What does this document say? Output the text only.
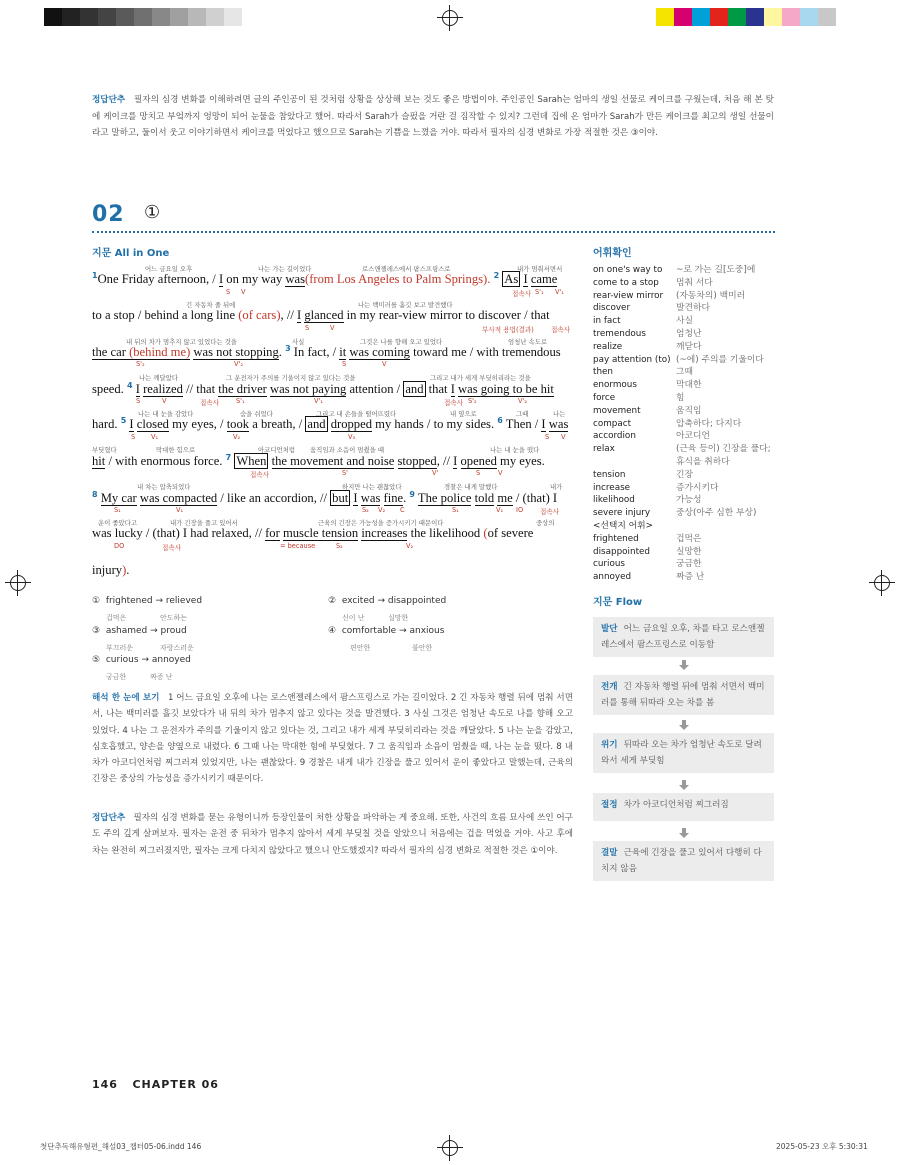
정답단추 필자의 심경 변화를 이해하려면 글의 주인공이 된 것처럼 상황을 상상해 보는 것도 좋은 방법이야. 주인공인 Sarah는 엄마의 생일 선물로 케이크를 구웠는데, 처음 해 본 탓에 케이크를 망치고 부엌까지 엉망이 되어 눈물을 참았다고 했어. 따라서 Sarah가 슬펐을 거란 걸 짐작할 수 있지? 그런데 집에 온 엄마가 Sarah가 만든 케이크를 최고의 생일 선물이라고 말하고, 둘이서 웃고 이야기하면서 케이크를 먹었다고 했으므로 Sarah는 기쁨을 느꼈을 거야. 따라서 필자의 심경 변화로 가장 적절한 것은 ③이야.
02 ①
지문 All in One
어느 금요일 오후	나는 가는 길이었다	로스앤젤레스에서 팜스프링스로	내가 멈춰서면서
$^1$One Friday afternoon, / I on my way was(from Los Angeles to Palm Springs). $^2$ As I came
S V	접속사 S'₁ V'₁
긴 자동차 줄 뒤에	나는 백미러를 흘깃 보고 발견했다
to a stop / behind a long line (of cars), // I glanced in my rear-view mirror to discover / that
S	V	부사적 용법(결과)	접속사
내 뒤의 차가 멈추지 않고 있었다는 것을	사실	그것은 나를 향해 오고 있었다	엄청난 속도로
the car (behind me) was not stopping. $^3$ In fact, / it was coming toward me / with tremendous
S'₂	V'₂	S	V
나는 깨달았다	그 운전자가 주의를 기울이지 않고 있다는 것을	그리고 내가 세게 부딪히리라는 것을
speed. $^4$ I realized // that the driver was not paying attention / and that I was going to be hit
S	V	접속사	S'₁	V'₁	접속사 S'₂	V'₂
나는 내 눈을 감았다	숨을 쉬었다	그리고 내 손들을 떨어뜨렸다	내 옆으로	그때	나는
hard. $^5$ I closed my eyes, / took a breath, / and dropped my hands / to my sides. $^6$ Then / I was
S V₁	V₂	V₃	S V
부딪혔다	막대한 힘으로	아코디언처럼 움직임과 소음이 멈췄을 때	나는 내 눈을 떴다
hit / with enormous force. $^7$ When the movement and noise stopped, // I opened my eyes.
접속사	S'	V'	S	V
내 차는 압축되었다	하지만 나는 괜찮았다	경찰은 내게 말했다	내가
$^8$ My car was compacted / like an accordion, // but I was fine. $^9$ The police told me / (that) I
S₁	V₁	S₂ V₂ C	S₁	V₁ IO	접속사
운이 좋았다고	내가 긴장을 풀고 있어서	근육의 긴장은 가능성을 증가시키기 때문이다	중상의
was lucky / (that) I had relaxed, // for muscle tension increases the likelihood (of severe
DO	접속사	= because	S₂	V₂
injury).
① frightened → relieved
겁먹은	안도하는
② excited → disappointed
신이 난	실망한
③ ashamed → proud
부끄러운	자랑스러운
④ comfortable → anxious
편안한	불안한
⑤ curious → annoyed
궁금한	짜증 난
해석 한 눈에 보기 1 어느 금요일 오후에 나는 로스앤젤레스에서 팜스프링스로 가는 길이었다. 2 긴 자동차 행렬 뒤에 멈춰 서면서, 나는 백미러를 흘깃 보았다가 내 뒤의 차가 멈추지 않고 있다는 것을 발견했다. 3 사실 그것은 엄청난 속도로 나를 향해 오고 있었다. 4 나는 그 운전자가 주의를 기울이지 않고 있다는 것, 그리고 내가 세게 부딪히리라는 것을 깨달았다. 5 나는 눈을 감았고, 심호흡했고, 양손을 양옆으로 내렸다. 6 그때 나는 막대한 힘에 부딪혔다. 7 그 움직임과 소음이 멈췄을 때, 나는 눈을 떴다. 8 내 차가 아코디언처럼 찌그러져 있었지만, 나는 괜찮았다. 9 경찰은 내게 내가 긴장을 풀고 있어서 운이 좋았다고 말했는데, 근육의 긴장은 중상의 가능성을 증가시키기 때문이다.
정답단추 필자의 심경 변화를 묻는 유형이니까 등장인물이 처한 상황을 파악하는 게 중요해. 또한, 사건의 흐름 묘사에 쓰인 어구도 주의 깊게 살펴보자. 필자는 운전 중 뒤차가 멈추지 않아서 세게 부딪칠 것을 알았으니 처음에는 겁을 먹었을 거야. 사고 후에 차는 완전히 찌그러졌지만, 필자는 크게 다치지 않았다고 했으니 안도했겠지? 따라서 필자의 심경 변화로 적절한 것은 ①이야.
어휘확인
on one's way to	~로 가는 길[도중]에
come to a stop	멈춰 서다
rear-view mirror	(자동차의) 백미러
discover	발견하다
in fact	사실
tremendous	엄청난
realize	깨닫다
pay attention (to) (~에) 주의를 기울이다
then	그때
enormous	막대한
force	힘
movement	움직임
compact	압축하다; 다지다
accordion	아코디언
relax	(근육 등이) 긴장을 풀다; 휴식을 취하다
tension	긴장
increase	증가시키다
likelihood	가능성
severe injury	중상(아주 심한 부상)
<선택지 어휘>
frightened	겁먹은
disappointed	실망한
curious	궁금한
annoyed	짜증 난
지문 Flow
발단 어느 금요일 오후, 차를 타고 로스앤젤레스에서 팜스프링스로 이동함
전개 긴 자동차 행렬 뒤에 멈춰 서면서 백미러를 통해 뒤따라 오는 차를 봄
위기 뒤따라 오는 차가 엄청난 속도로 달려와서 세게 부딪힘
절정 차가 아코디언처럼 찌그러짐
결말 근육에 긴장을 풀고 있어서 다행히 다치지 않음
146 CHAPTER 06
첫단추독해유형편_해설03_챕터05-06.indd 146	2025-05-23 오후 5:30:31
